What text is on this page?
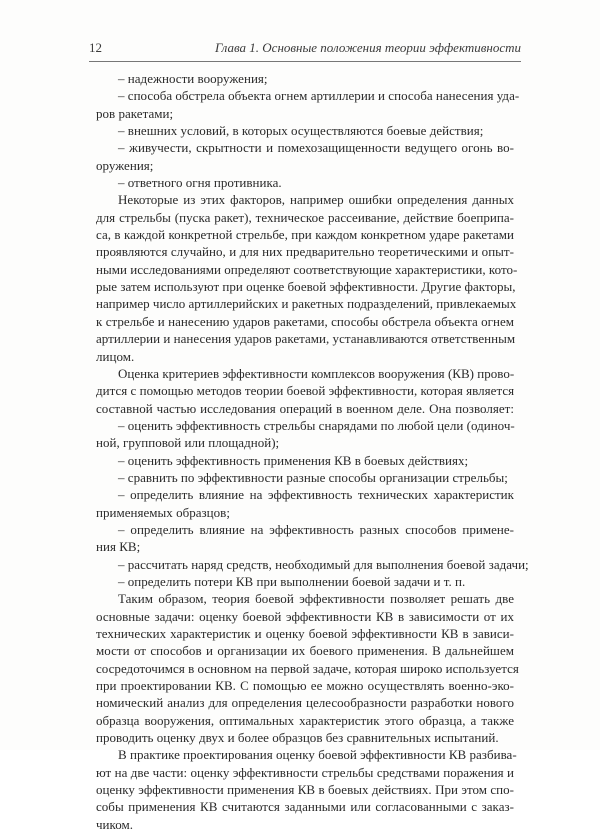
12	Глава 1. Основные положения теории эффективности
– надежности вооружения;
– способа обстрела объекта огнем артиллерии и способа нанесения уда-
ров ракетами;
– внешних условий, в которых осуществляются боевые действия;
– живучести, скрытности и помехозащищенности ведущего огонь во-
оружения;
– ответного огня противника.
Некоторые из этих факторов, например ошибки определения данных
для стрельбы (пуска ракет), техническое рассеивание, действие боеприпа-
са, в каждой конкретной стрельбе, при каждом конкретном ударе ракетами
проявляются случайно, и для них предварительно теоретическими и опыт-
ными исследованиями определяют соответствующие характеристики, кото-
рые затем используют при оценке боевой эффективности. Другие факторы,
например число артиллерийских и ракетных подразделений, привлекаемых
к стрельбе и нанесению ударов ракетами, способы обстрела объекта огнем
артиллерии и нанесения ударов ракетами, устанавливаются ответственным
лицом.
Оценка критериев эффективности комплексов вооружения (КВ) прово-
дится с помощью методов теории боевой эффективности, которая является
составной частью исследования операций в военном деле. Она позволяет:
– оценить эффективность стрельбы снарядами по любой цели (одиноч-
ной, групповой или площадной);
– оценить эффективность применения КВ в боевых действиях;
– сравнить по эффективности разные способы организации стрельбы;
– определить влияние на эффективность технических характеристик
применяемых образцов;
– определить влияние на эффективность разных способов примене-
ния КВ;
– рассчитать наряд средств, необходимый для выполнения боевой задачи;
– определить потери КВ при выполнении боевой задачи и т. п.
Таким образом, теория боевой эффективности позволяет решать две
основные задачи: оценку боевой эффективности КВ в зависимости от их
технических характеристик и оценку боевой эффективности КВ в зависи-
мости от способов и организации их боевого применения. В дальнейшем
сосредоточимся в основном на первой задаче, которая широко используется
при проектировании КВ. С помощью ее можно осуществлять военно-эко-
номический анализ для определения целесообразности разработки нового
образца вооружения, оптимальных характеристик этого образца, а также
проводить оценку двух и более образцов без сравнительных испытаний.
В практике проектирования оценку боевой эффективности КВ разбива-
ют на две части: оценку эффективности стрельбы средствами поражения и
оценку эффективности применения КВ в боевых действиях. При этом спо-
собы применения КВ считаются заданными или согласованными с заказ-
чиком.
